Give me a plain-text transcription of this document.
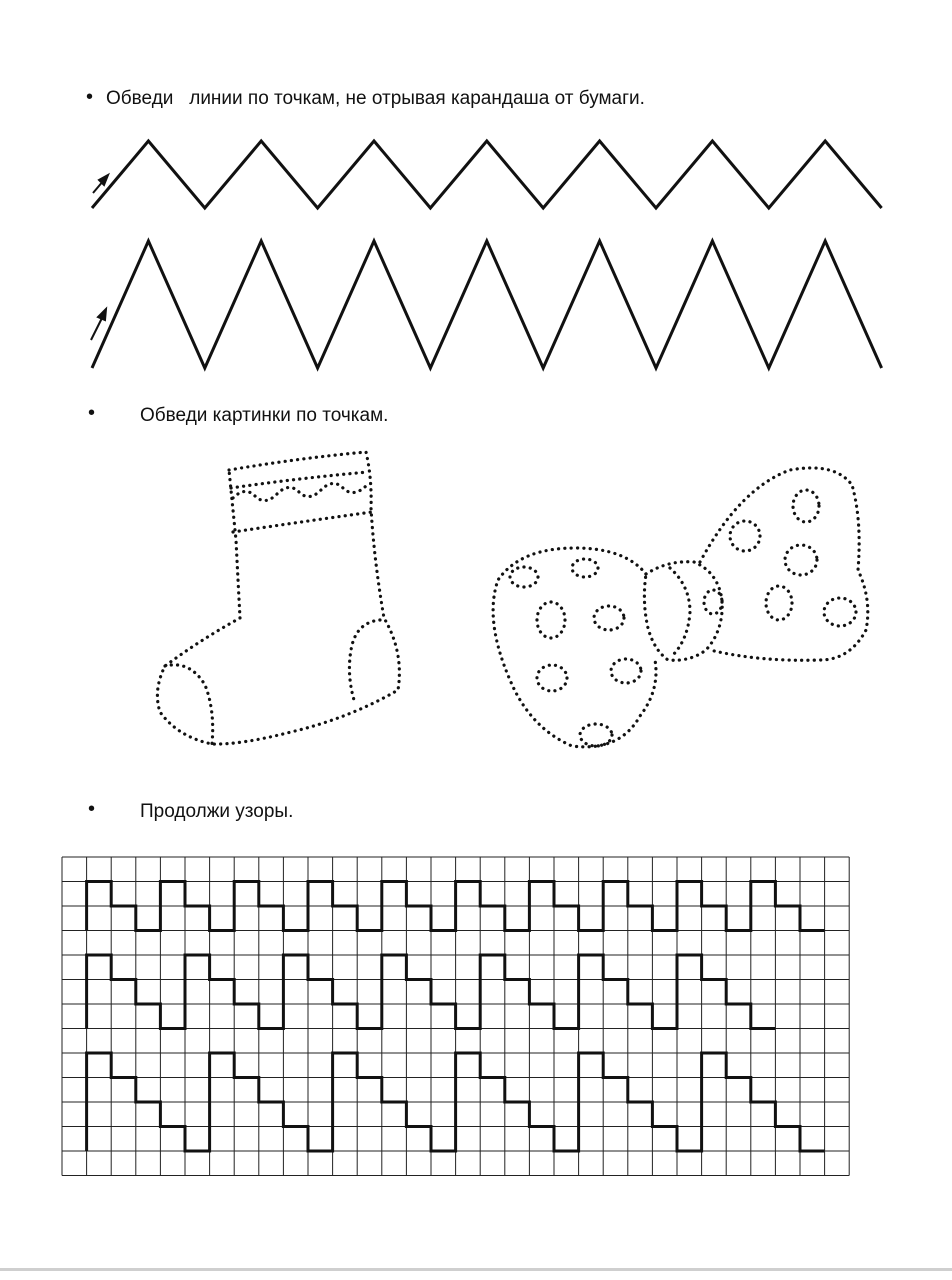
• Обведи   линии по точкам, не отрывая карандаша от бумаги.
• Обведи картинки по точкам.
• Продолжи узоры.
